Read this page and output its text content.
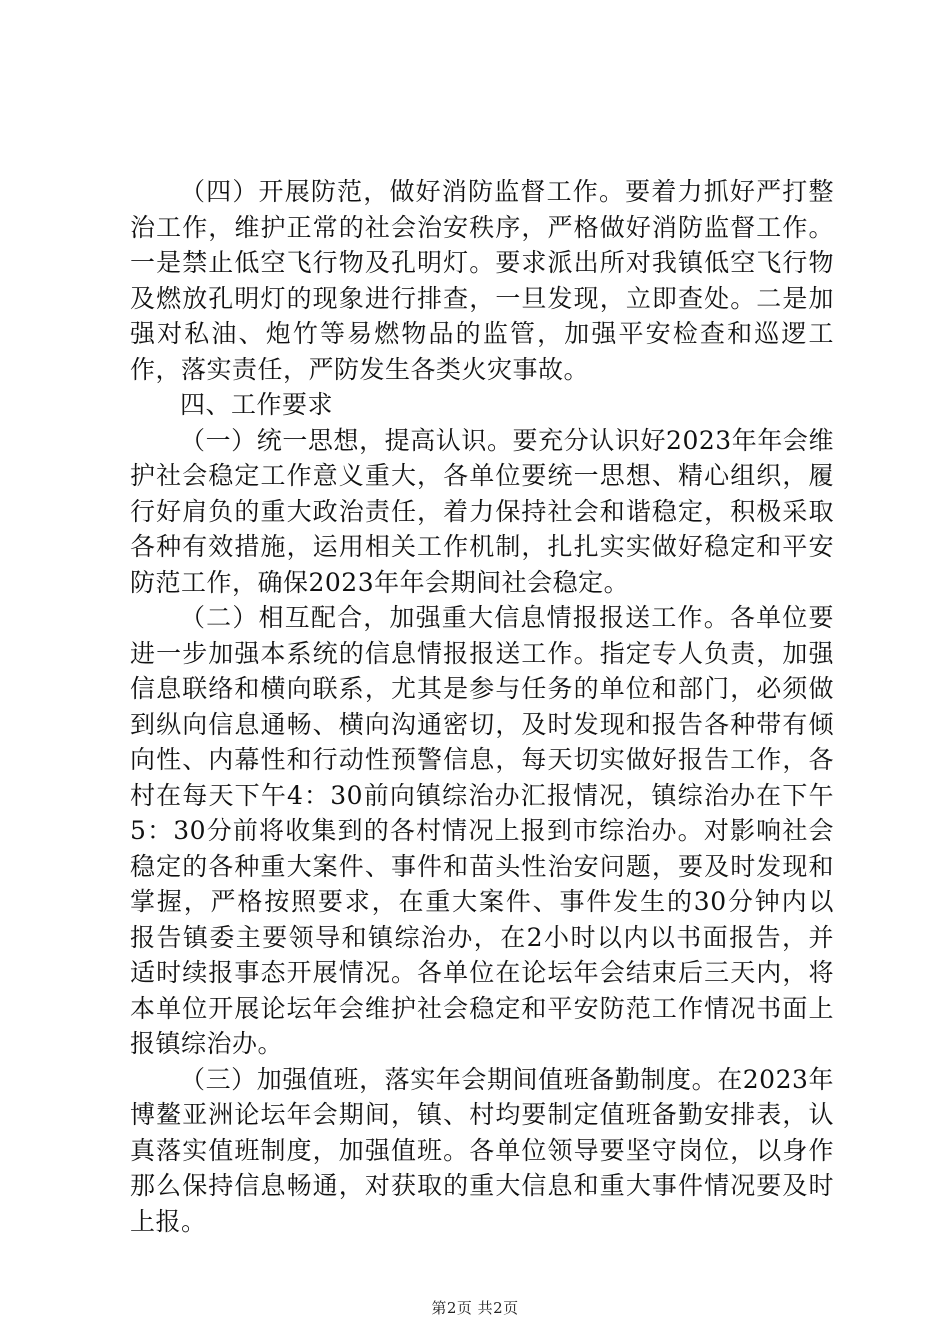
（四）开展防范，做好消防监督工作。要着力抓好严打整治工作，维护正常的社会治安秩序，严格做好消防监督工作。一是禁止低空飞行物及孔明灯。要求派出所对我镇低空飞行物及燃放孔明灯的现象进行排查，一旦发现，立即查处。二是加强对私油、炮竹等易燃物品的监管，加强平安检查和巡逻工作，落实责任，严防发生各类火灾事故。

四、工作要求

（一）统一思想，提高认识。要充分认识好2023年年会维护社会稳定工作意义重大，各单位要统一思想、精心组织，履行好肩负的重大政治责任，着力保持社会和谐稳定，积极采取各种有效措施，运用相关工作机制，扎扎实实做好稳定和平安防范工作，确保2023年年会期间社会稳定。

（二）相互配合，加强重大信息情报报送工作。各单位要进一步加强本系统的信息情报报送工作。指定专人负责，加强信息联络和横向联系，尤其是参与任务的单位和部门，必须做到纵向信息通畅、横向沟通密切，及时发现和报告各种带有倾向性、内幕性和行动性预警信息，每天切实做好报告工作，各村在每天下午4：30前向镇综治办汇报情况，镇综治办在下午5：30分前将收集到的各村情况上报到市综治办。对影响社会稳定的各种重大案件、事件和苗头性治安问题，要及时发现和掌握，严格按照要求，在重大案件、事件发生的30分钟内以　报告镇委主要领导和镇综治办，在2小时以内以书面报告，并适时续报事态开展情况。各单位在论坛年会结束后三天内，将本单位开展论坛年会维护社会稳定和平安防范工作情况书面上报镇综治办。

（三）加强值班，落实年会期间值班备勤制度。在2023年博鳌亚洲论坛年会期间，镇、村均要制定值班备勤安排表，认真落实值班制度，加强值班。各单位领导要坚守岗位，以身作那么保持信息畅通，对获取的重大信息和重大事件情况要及时上报。

第2页 共2页
